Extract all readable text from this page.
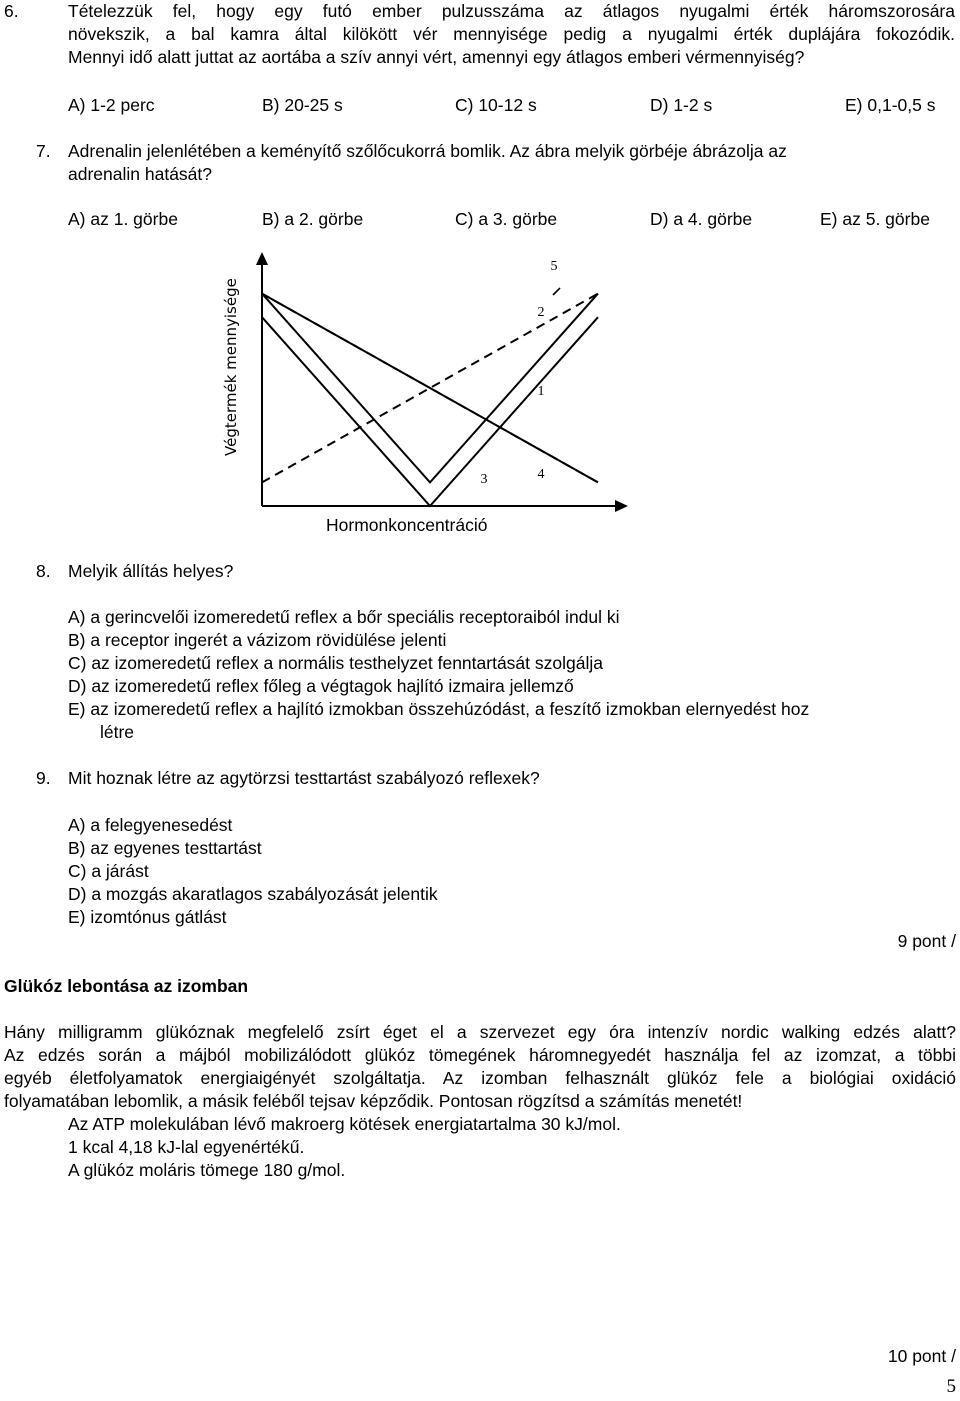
6.	Tételezzük fel, hogy egy futó ember pulzusszáma az átlagos nyugalmi érték háromszorosára
növekszik, a bal kamra által kilökött vér mennyisége pedig a nyugalmi érték duplájára fokozódik.
Mennyi idő alatt juttat az aortába a szív annyi vért, amennyi egy átlagos emberi vérmennyiség?
A) 1-2 perc	B) 20-25 s	C) 10-12 s	D) 1-2 s	E) 0,1-0,5 s
7. Adrenalin jelenlétében a keményítő szőlőcukorrá bomlik. Az ábra melyik görbéje ábrázolja az
adrenalin hatását?
A) az 1. görbe	B) a 2. görbe	C) a 3. görbe	D) a 4. görbe	E) az 5. görbe
5
2
1
3	4
Végtermék mennyisége
Hormonkoncentráció
8. Melyik állítás helyes?
A) a gerincvelői izomeredetű reflex a bőr speciális receptoraiból indul ki
B) a receptor ingerét a vázizom rövidülése jelenti
C) az izomeredetű reflex a normális testhelyzet fenntartását szolgálja
D) az izomeredetű reflex főleg a végtagok hajlító izmaira jellemző
E) az izomeredetű reflex a hajlító izmokban összehúzódást, a feszítő izmokban elernyedést hoz
létre
9. Mit hoznak létre az agytörzsi testtartást szabályozó reflexek?
A) a felegyenesedést
B) az egyenes testtartást
C) a járást
D) a mozgás akaratlagos szabályozását jelentik
E) izomtónus gátlást
9 pont /
Glükóz lebontása az izomban
Hány milligramm glükóznak megfelelő zsírt éget el a szervezet egy óra intenzív nordic walking edzés alatt?
Az edzés során a májból mobilizálódott glükóz tömegének háromnegyedét használja fel az izomzat, a többi
egyéb életfolyamatok energiaigényét szolgáltatja. Az izomban felhasznált glükóz fele a biológiai oxidáció
folyamatában lebomlik, a másik feléből tejsav képződik. Pontosan rögzítsd a számítás menetét!
Az ATP molekulában lévő makroerg kötések energiatartalma 30 kJ/mol.
1 kcal 4,18 kJ-lal egyenértékű.
A glükóz moláris tömege 180 g/mol.
10 pont /
5
